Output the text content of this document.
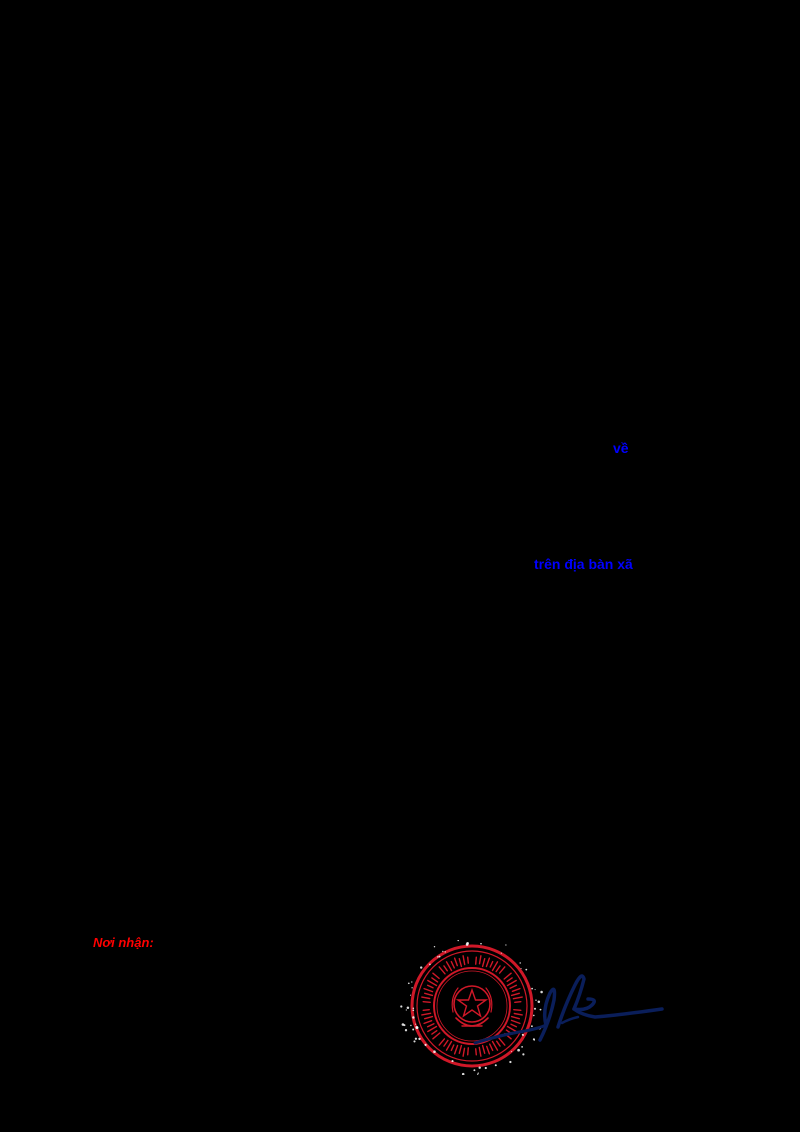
về
trên địa bàn xã
Nơi nhận:
